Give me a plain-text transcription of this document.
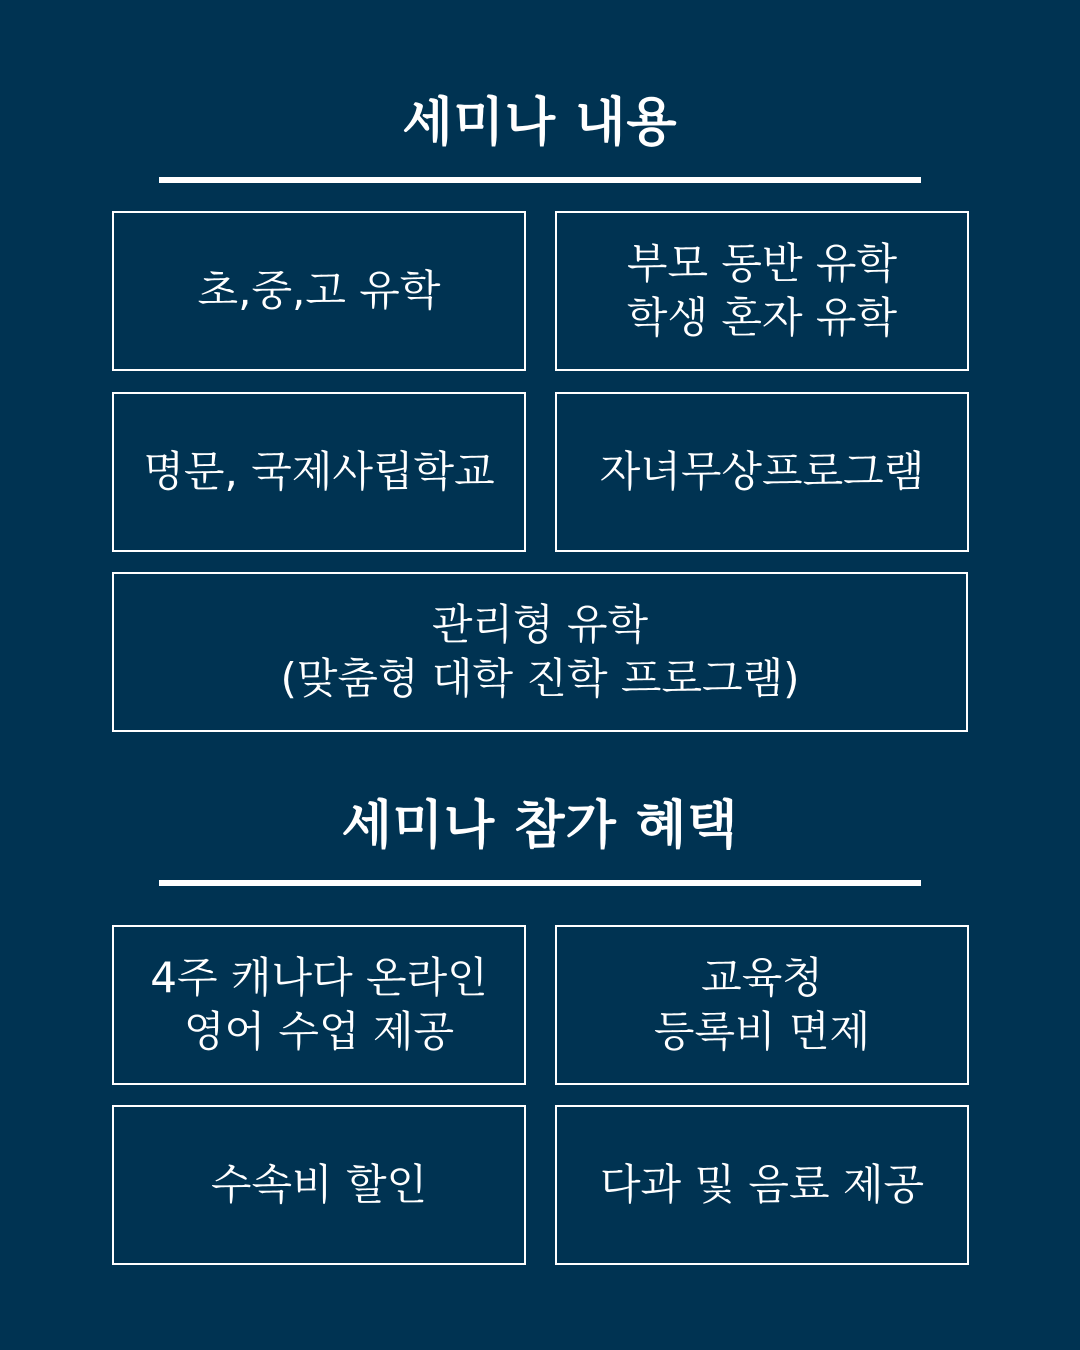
세미나 내용
초,중,고 유학
부모 동반 유학
학생 혼자 유학
명문, 국제사립학교	자녀무상프로그램
관리형 유학
(맞춤형 대학 진학 프로그램)
세미나 참가 혜택
4주 캐나다 온라인
영어 수업 제공
교육청
등록비 면제
수속비 할인	다과 및 음료 제공
